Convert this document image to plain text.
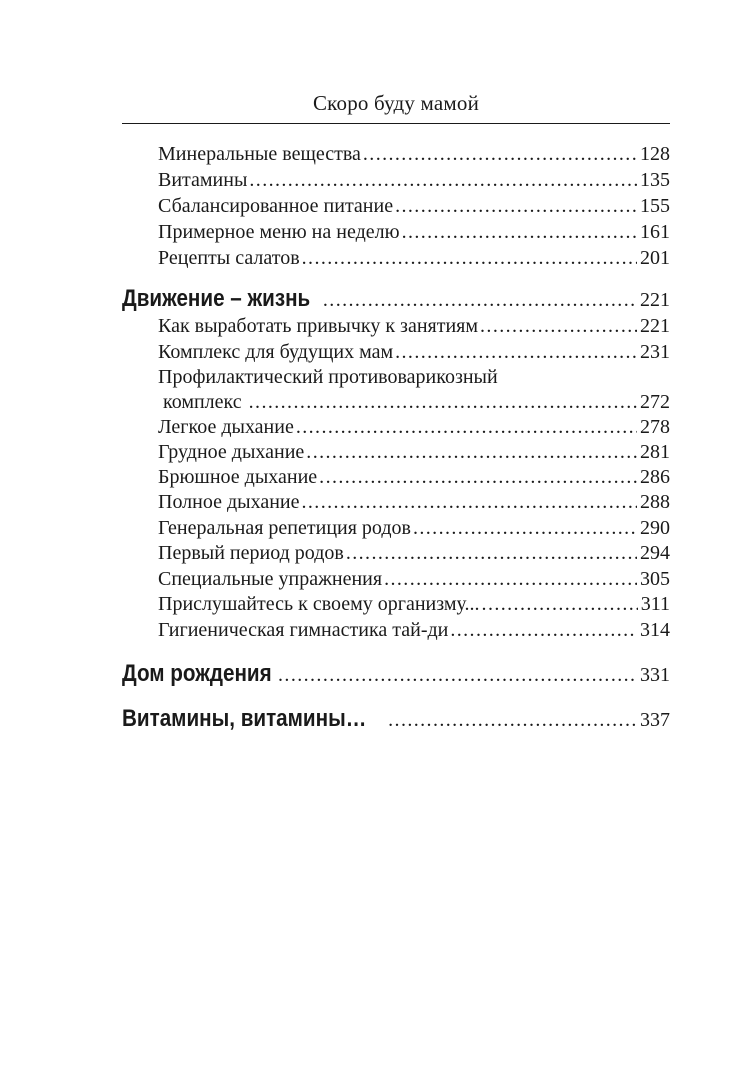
Скоро буду мамой
Минеральные вещества .....	128
Витамины .....	135
Сбалансированное питание .....	155
Примерное меню на неделю .....	161
Рецепты салатов .....	201
Движение – жизнь .....	221
Как выработать привычку к занятиям .....	221
Комплекс для будущих мам .....	231
Профилактический противоварикозный
комплекс .....	272
Легкое дыхание .....	278
Грудное дыхание .....	281
Брюшное дыхание .....	286
Полное дыхание .....	288
Генеральная репетиция родов .....	290
Первый период родов .....	294
Специальные упражнения .....	305
Прислушайтесь к своему организму... .....	311
Гигиеническая гимнастика тай-ди .....	314
Дом рождения .....	331
Витамины, витамины… .....	337
